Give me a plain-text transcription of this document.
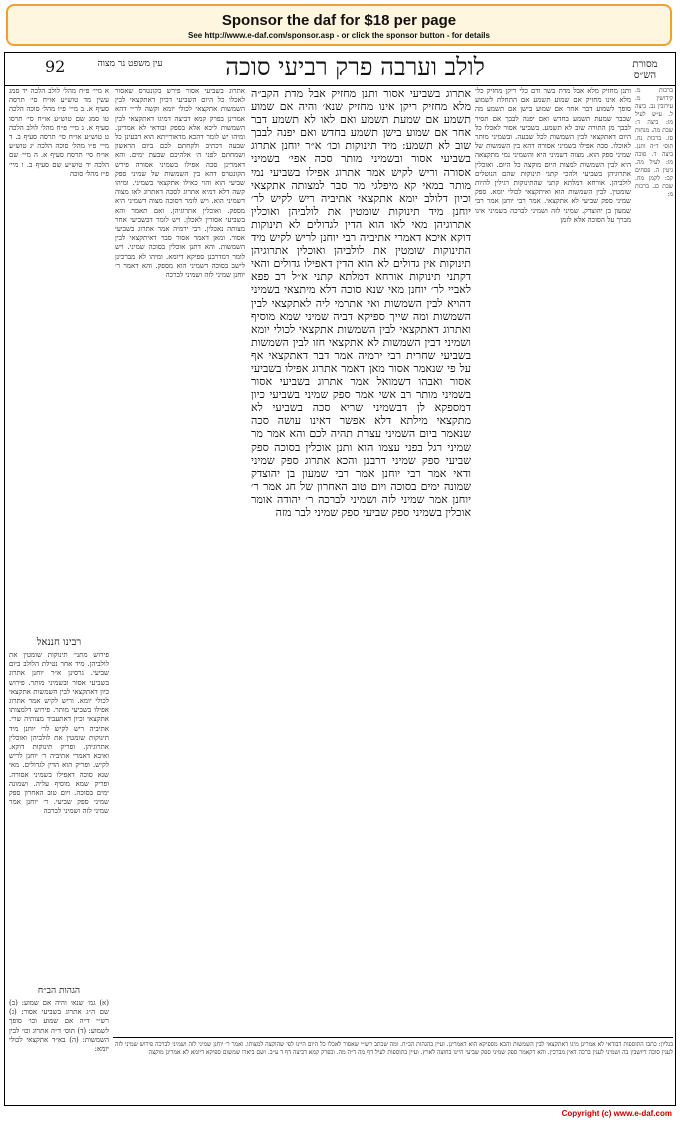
Sponsor the daf for $18 per page
See http://www.e-daf.com/sponsor.asp - or click the sponsor button - for details
עין משפט נר מצוה
92	לולב וערבה פרק רביעי סוכה	מסורת הש״ס
א מיי׳ פ״ח מהל׳ לולב הלכה יד סמג עשין מד טוש״ע או״ח סי׳ תרסה סעיף א. ב מיי׳ פ״ו מהל׳ סוכה הלכה טו סמג שם טוש״ע או״ח סי׳ תרסו סעיף א. ג מיי׳ פ״ח מהל׳ לולב הלכה ט טוש״ע או״ח סי׳ תרסה סעיף ב. ד מיי׳ פ״ו מהל׳ סוכה הלכה יג טוש״ע או״ח סי׳ תרסח סעיף א. ה מיי׳ שם הלכה יד טוש״ע שם סעיף ב. ו מיי׳ פ״ז מהל׳ סוכה
רבינו חננאל
פירוש מתני׳ תינוקות שומטין את לולביהן. מיד אחר נטילת הלולב ביום שביעי. גרסינן א״ר יוחנן אתרוג בשביעי אסור ובשמיני מותר. פירוש כיון דאתקצאי לבין השמשות אתקצאי לכולי יומא. וריש לקיש אמר אתרוג אפילו בשביעי מותר. פירוש דלמצותו אתקצאי וכיון דאתעביד מצותיה שרי. אתיביה ריש לקיש לר׳ יוחנן מיד תינוקות שומטין את לולביהן ואוכלין אתרוגיהן. ופריק תינוקות דוקא. ואיכא דאמרי אתיביה ר׳ יוחנן לריש לקיש. ופריק הוא הדין לגדולים. מאי שנא סוכה דאפילו בשמיני אסורה. ופריק שמא מוסיף עליה. ושמונה ימים בסוכה. ויום טוב האחרון ספק שמיני ספק שביעי. ר׳ יוחנן אמר שמיני לזה ושמיני לברכה
הגהות הב״ח
(א) גמ׳ שנא׳ והיה אם שמוע: (ב) שם ה״ג אתרוג בשביעי אסור: (ג) רש״י ד״ה אם שמוע וכו׳ סופך לשמוע: (ד) תוס׳ ד״ה אתרוג וכו׳ לבין השמשות: (ה) בא״ד אתקצאי לכולי יומא:
אתרוג בשביעי אסור פירש בקונטרס שאסור לאכלו כל היום השביעי דכיון דאתקצאי לבין השמשות אתקצאי לכולי יומא וקשה לר״י דהא אמרינן בפרק קמא דביצה דמיגו דאתקצאי לבין השמשות ליכא אלא בספק ובודאי לא אמרינן. ומיהו יש לומר דהכא מדאורייתא הוא דבעינן כל שבעה דכתיב ולקחתם לכם ביום הראשון ושמחתם לפני ה׳ אלהיכם שבעת ימים. והא דאמרינן סכה אפילו בשמיני אסורה פירש הקונטרס דהא בין השמשות של שמיני ספק שביעי הוא והוי כאילו אתקצאי בשמיני. ומיהו קשה דלא דמיא אתרוג לסכה דאתרוג לאו מצוה דשמיני הוא. ויש לומר דסוכה מצוה דשמיני היא מספק. ואוכלין אתרוגיהן. ואם תאמר והא בשביעי אסורין לאכלן. ויש לומר דבשביעי אחר מצותה נאכלין. רבי ירמיה אמר אתרוג בשביעי אסור. ומאן דאמר אסור סבר דאיתקצאי לבין השמשות. והא דתנן אוכלין בסוכה שמיני. ויש לומר דמדרבנן ספיקא דיומא. ומיהו לא מברכינן לישב בסוכה דשמיני הוא מספק. והא דאמר ר׳ יוחנן שמיני לזה ושמיני לברכה
אתרוג בשביעי אסור ותנן מחזיק אבל מדת הקב״ה מלא מחזיק ריקן אינו מחזיק שנא׳ והיה אם שמוע תשמע אם שמעת תשמע ואם לאו לא תשמע דבר אחר אם שמוע בישן תשמע בחדש ואם יפנה לבבך שוב לא תשמע: מיד תינוקות וכו׳ א״ר יוחנן אתרוג בשביעי אסור ובשמיני מותר סכה אפי׳ בשמיני אסורה וריש לקיש אמר אתרוג אפילו בשביעי נמי מותר במאי קא מיפלגי מר סבר למצותה אתקצאי וכיון דלולב יומא אתקצאי אתיביה ריש לקיש לר׳ יוחנן מיד תינוקות שומטין את לולביהן ואוכלין אתרוגיהן מאי לאו הוא הדין לגדולים לא תינוקות דוקא איכא דאמרי אתיביה רבי יוחנן לריש לקיש מיד התינוקות שומטין את לולביהן ואוכלין אתרוגיהן תינוקות אין גדולים לא הוא הדין דאפילו גדולים והאי דקתני תינוקות אורחא דמלתא קתני א״ל רב פפא לאביי לר׳ יוחנן מאי שנא סוכה דלא מיתצאי בשמיני דהויא לבין השמשות ואי אתרמי ליה לאתקצאי לבין השמשות ומה שייך ספיקא דביה שמיני שמא מוסיף ואתרוג דאתקצאי לבין השמשות אתקצאי לכולי יומא ושמיני דבין השמשות לא אתקצאי חזו לבין השמשות בשביעי שחרית רבי ירמיה אמר דבר דאתקצאי אף על פי שנאמר אסור מאן דאמר אתרוג אפילו בשביעי אסור ואבהו דשמואל אמר אתרוג בשביעי אסור בשמיני מותר רב אשי אמר ספק שמיני בשביעי כיון דמספקא לן דבשמיני שריא סכה בשביעי לא מתקצאי מילתא דלא אפשר דאינו עושה סכה שנאמר ביום השמיני עצרת תהיה לכם והא אמר מר שמיני רגל בפני עצמו הוא ותנן אוכלין בסוכה ספק שביעי ספק שמיני דרבנן והכא אתרוג ספק שמיני ודאי אמר רבי יוחנן אמר רבי שמעון בן יהוצדק שמונה ימים בסוכה ויום טוב האחרון של חג אמר ר׳ יוחנן אמר שמיני לזה ושמיני לברכה ר׳ יהודה אומר אוכלין בשמיני ספק שביעי ספק שמיני לבר מזה
ותנן מחזיק מלא אבל מדת בשר ודם כלי ריקן מחזיק כלי מלא אינו מחזיק אם שמוע תשמע אם התחלת לשמוע סופך לשמוע דבר אחר אם שמוע בישן אם תשמע מה שכבר שמעת תשמע בחדש ואם יפנה לבבך אם תסיר לבבך מן התורה שוב לא תשמע. בשביעי אסור לאכלו כל היום דאתקצאי לבין השמשות לכל שבעה. ובשמיני מותר לאוכלו. סכה אפילו בשמיני אסורה דהא בין השמשות של שמיני ספק הוא. מצוה דשמיני היא והשמיני נמי מתקצאה היא לבין השמשות למצות היום מוקצה כל היום. ואוכלין אתרוגיהן בשביעי ולהכי קתני תינוקות שהם הנוטלים לולביהן. אורחא דמלתא קתני שהתינוקות רגילין להיות שומטין. לבין השמשות הוא ואיתקצאי לכולי יומא. ספק שמיני ספק שביעי לא אתקצאי. אמר רבי יוחנן אמר רבי שמעון בן יהוצדק. שמיני לזה ושמיני לברכה בשמיני אינו מברך על הסוכה אלא לזמן
ברכות מ. קידושין מ. עירובין נב. ביצה ל. ע״ש לעיל מו: ביצה ד: שבת מה. מנחות סז. ברכות נח. תוס׳ ד״ה ותנן. ביצה ד. סוכה מו: לעיל מה. גיטין ה. פסחים קב: לקמן מח. שבת כג. ברכות מ:
בגליון: כתבו התוספות דבודאי לא אמרינן מיגו דאתקצאי לבין השמשות והכא מספיקא הוא דאמרינן. ועיין בהגהות הב״ח. ומה שכתב רש״י שאסור לאכלו כל היום היינו לפי שהוקצה למצותו. ואמר ר׳ יוחנן שמיני לזה ושמיני לברכה פירוש שמיני לזה לענין סוכה דיושבין בה ושמיני לענין ברכה דאין מברכין. והא דקאמר ספק שמיני ספק שביעי היינו בחוצה לארץ. ועיין בתוספות לעיל דף מה ד״ה מה. ובפרק קמא דביצה דף ד ע״ב. ושם ביארו שמשום ספיקא דיומא לא אמרינן מוקצה
Copyright (c) www.e-daf.com
